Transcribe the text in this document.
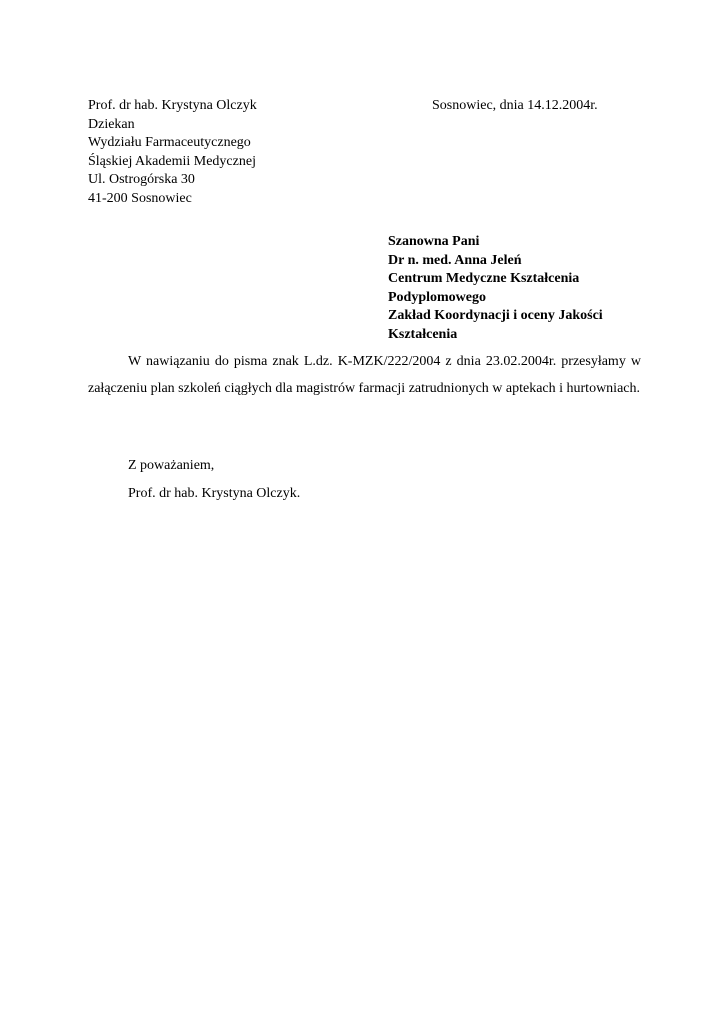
Prof. dr hab. Krystyna Olczyk
Dziekan
Wydziału Farmaceutycznego
Śląskiej Akademii Medycznej
Ul. Ostrogórska 30
41-200 Sosnowiec
Sosnowiec, dnia 14.12.2004r.
Szanowna Pani
Dr n. med. Anna Jeleń
Centrum Medyczne Kształcenia
Podyplomowego
Zakład Koordynacji i oceny Jakości
Kształcenia

W nawiązaniu do pisma znak L.dz. K-MZK/222/2004 z dnia 23.02.2004r. przesyłamy w załączeniu plan szkoleń ciągłych dla magistrów farmacji zatrudnionych w aptekach i hurtowniach.

Z poważaniem,
Prof. dr hab. Krystyna Olczyk.
